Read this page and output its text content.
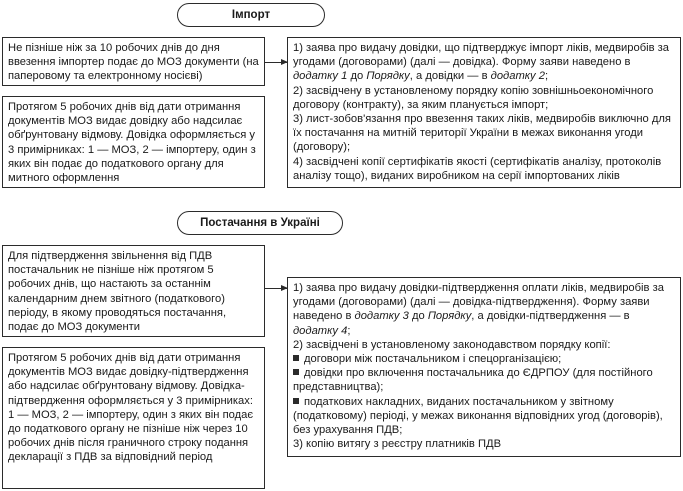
Імпорт

Не пізніше ніж за 10 робочих днів до дня ввезення імпортер подає до МОЗ документи (на паперовому та електронному носієві)

Протягом 5 робочих днів від дати отримання документів МОЗ видає довідку або надсилає обґрунтовану відмову. Довідка оформляється у 3 примірниках: 1 — МОЗ, 2 — імпортеру, один з яких він подає до податкового органу для митного оформлення

1) заява про видачу довідки, що підтверджує імпорт ліків, медвиробів за угодами (договорами) (далі — довідка). Форму заяви наведено в додатку 1 до Порядку, а довідки — в додатку 2;

2) засвідчену в установленому порядку копію зовнішньоекономічного договору (контракту), за яким планується імпорт;

3) лист-зобов'язання про ввезення таких ліків, медвиробів виключно для їх постачання на митній території України в межах виконання угоди (договору);

4) засвідчені копії сертифікатів якості (сертифікатів аналізу, протоколів аналізу тощо), виданих виробником на серії імпортованих ліків

Постачання в Україні

Для підтвердження звільнення від ПДВ постачальник не пізніше ніж протягом 5 робочих днів, що настають за останнім календарним днем звітного (податкового) періоду, в якому проводяться постачання, подає до МОЗ документи

Протягом 5 робочих днів від дати отримання документів МОЗ видає довідку-підтвердження або надсилає обґрунтовану відмову. Довідка-підтвердження оформляється у 3 примірниках: 1 — МОЗ, 2 — імпортеру, один з яких він подає до податкового органу не пізніше ніж через 10 робочих днів після граничного строку подання декларації з ПДВ за відповідний період

1) заява про видачу довідки-підтвердження оплати ліків, медвиробів за угодами (договорами) (далі — довідка-підтвердження). Форму заяви наведено в додатку 3 до Порядку, а довідки-підтвердження — в додатку 4;

2) засвідчені в установленому законодавством порядку копії:

договори між постачальником і спецорганізацією;

довідки про включення постачальника до ЄДРПОУ (для постійного представництва);

податкових накладних, виданих постачальником у звітному (податковому) періоді, у межах виконання відповідних угод (договорів), без урахування ПДВ;

3) копію витягу з реєстру платників ПДВ
